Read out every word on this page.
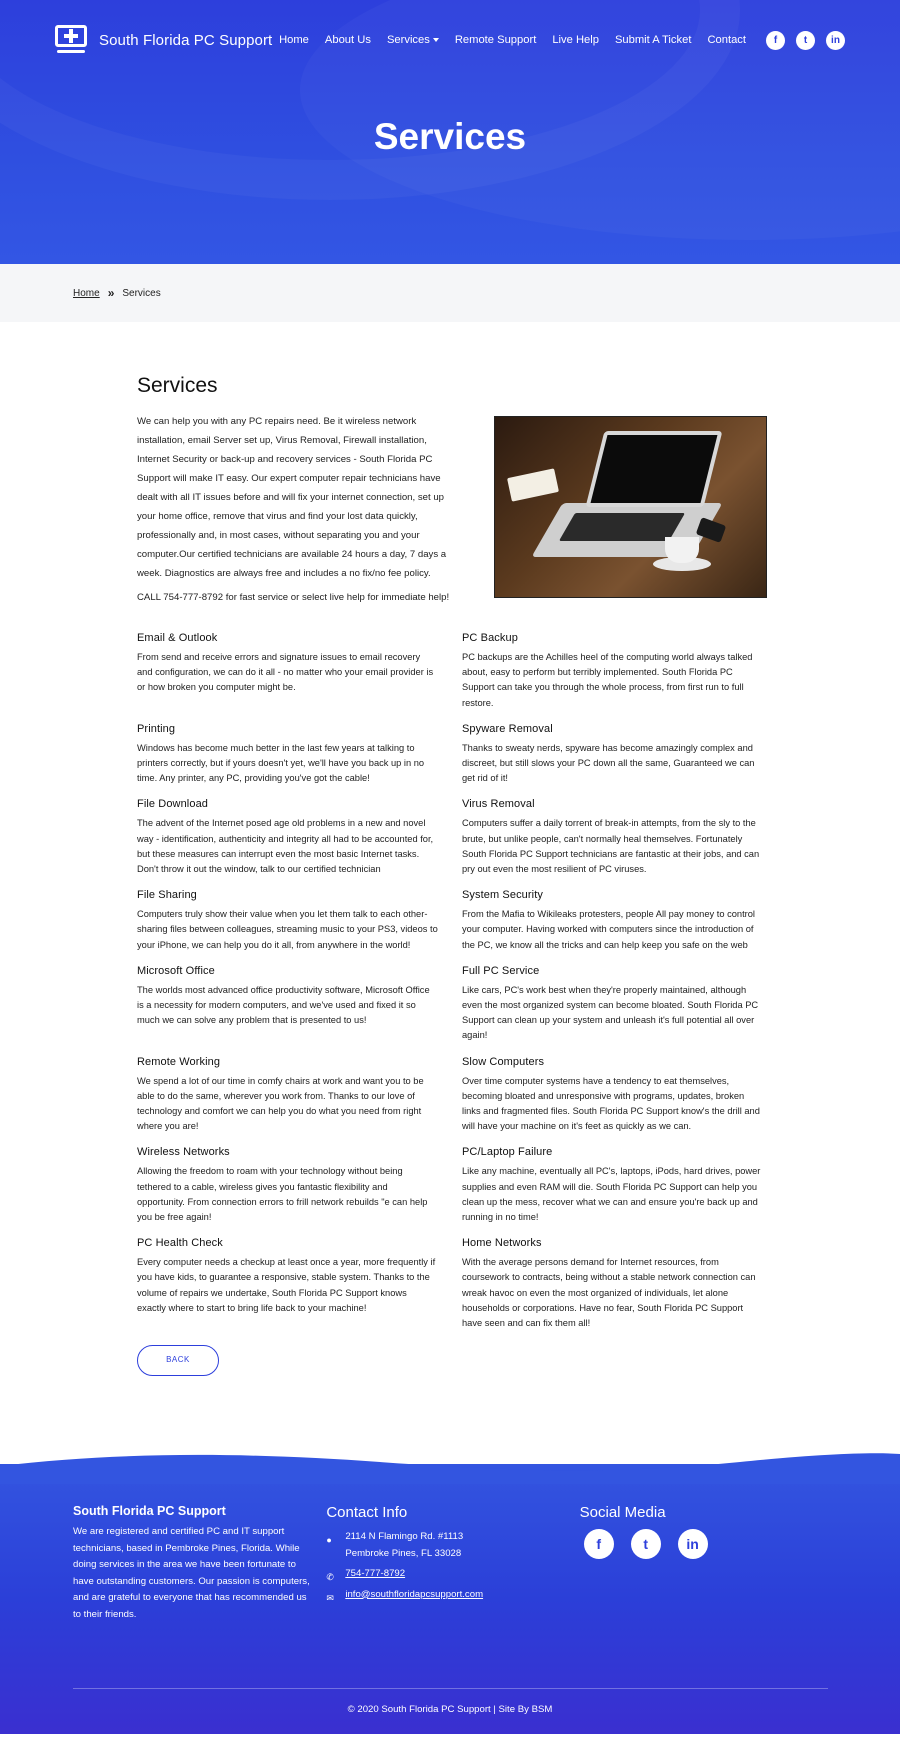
South Florida PC Support Home About Us Services	Remote Support Live Help Submit A Ticket Contact	f	t	in
Services
Home » Services
Services

We can help you with any PC repairs need. Be it wireless network installation, email Server set up, Virus Removal, Firewall installation, Internet Security or back-up and recovery services - South Florida PC Support will make IT easy. Our expert computer repair technicians have dealt with all IT issues before and will fix your internet connection, set up your home office, remove that virus and find your lost data quickly, professionally and, in most cases, without separating you and your computer.Our certified technicians are available 24 hours a day, 7 days a week. Diagnostics are always free and includes a no fix/no fee policy.

CALL 754-777-8792 for fast service or select live help for immediate help!

Email & Outlook

From send and receive errors and signature issues to email recovery and configuration, we can do it all - no matter who your email provider is or how broken you computer might be.

PC Backup

PC backups are the Achilles heel of the computing world always talked about, easy to perform but terribly implemented. South Florida PC Support can take you through the whole process, from first run to full restore.

Printing

Windows has become much better in the last few years at talking to printers correctly, but if yours doesn't yet, we'll have you back up in no time. Any printer, any PC, providing you've got the cable!

Spyware Removal

Thanks to sweaty nerds, spyware has become amazingly complex and discreet, but still slows your PC down all the same, Guaranteed we can get rid of it!

File Download

The advent of the Internet posed age old problems in a new and novel way - identification, authenticity and integrity all had to be accounted for, but these measures can interrupt even the most basic Internet tasks. Don't throw it out the window, talk to our certified technician

Virus Removal

Computers suffer a daily torrent of break-in attempts, from the sly to the brute, but unlike people, can't normally heal themselves. Fortunately South Florida PC Support technicians are fantastic at their jobs, and can pry out even the most resilient of PC viruses.

File Sharing

Computers truly show their value when you let them talk to each other- sharing files between colleagues, streaming music to your PS3, videos to your iPhone, we can help you do it all, from anywhere in the world!

System Security

From the Mafia to Wikileaks protesters, people All pay money to control your computer. Having worked with computers since the introduction of the PC, we know all the tricks and can help keep you safe on the web

Microsoft Office

The worlds most advanced office productivity software, Microsoft Office is a necessity for modern computers, and we've used and fixed it so much we can solve any problem that is presented to us!

Full PC Service

Like cars, PC's work best when they're properly maintained, although even the most organized system can become bloated. South Florida PC Support can clean up your system and unleash it's full potential all over again!

Remote Working

We spend a lot of our time in comfy chairs at work and want you to be able to do the same, wherever you work from. Thanks to our love of technology and comfort we can help you do what you need from right where you are!

Slow Computers

Over time computer systems have a tendency to eat themselves, becoming bloated and unresponsive with programs, updates, broken links and fragmented files. South Florida PC Support know's the drill and will have your machine on it's feet as quickly as we can.

Wireless Networks

Allowing the freedom to roam with your technology without being tethered to a cable, wireless gives you fantastic flexibility and opportunity. From connection errors to frill network rebuilds "e can help you be free again!

PC/Laptop Failure

Like any machine, eventually all PC's, laptops, iPods, hard drives, power supplies and even RAM will die. South Florida PC Support can help you clean up the mess, recover what we can and ensure you're back up and running in no time!

PC Health Check

Every computer needs a checkup at least once a year, more frequently if you have kids, to guarantee a responsive, stable system. Thanks to the volume of repairs we undertake, South Florida PC Support knows exactly where to start to bring life back to your machine!

Home Networks

With the average persons demand for Internet resources, from coursework to contracts, being without a stable network connection can wreak havoc on even the most organized of individuals, let alone households or corporations. Have no fear, South Florida PC Support have seen and can fix them all!

BACK
South Florida PC Support

We are registered and certified PC and IT support technicians, based in Pembroke Pines, Florida. While doing services in the area we have been fortunate to have outstanding customers. Our passion is computers, and are grateful to everyone that has recommended us to their friends.

Contact Info
● 2114 N Flamingo Rd. #1113
Pembroke Pines, FL 33028
✆ 754-777-8792
✉ info@southfloridapcsupport.com
Social Media
f	t	in
© 2020 South Florida PC Support | Site By BSM
